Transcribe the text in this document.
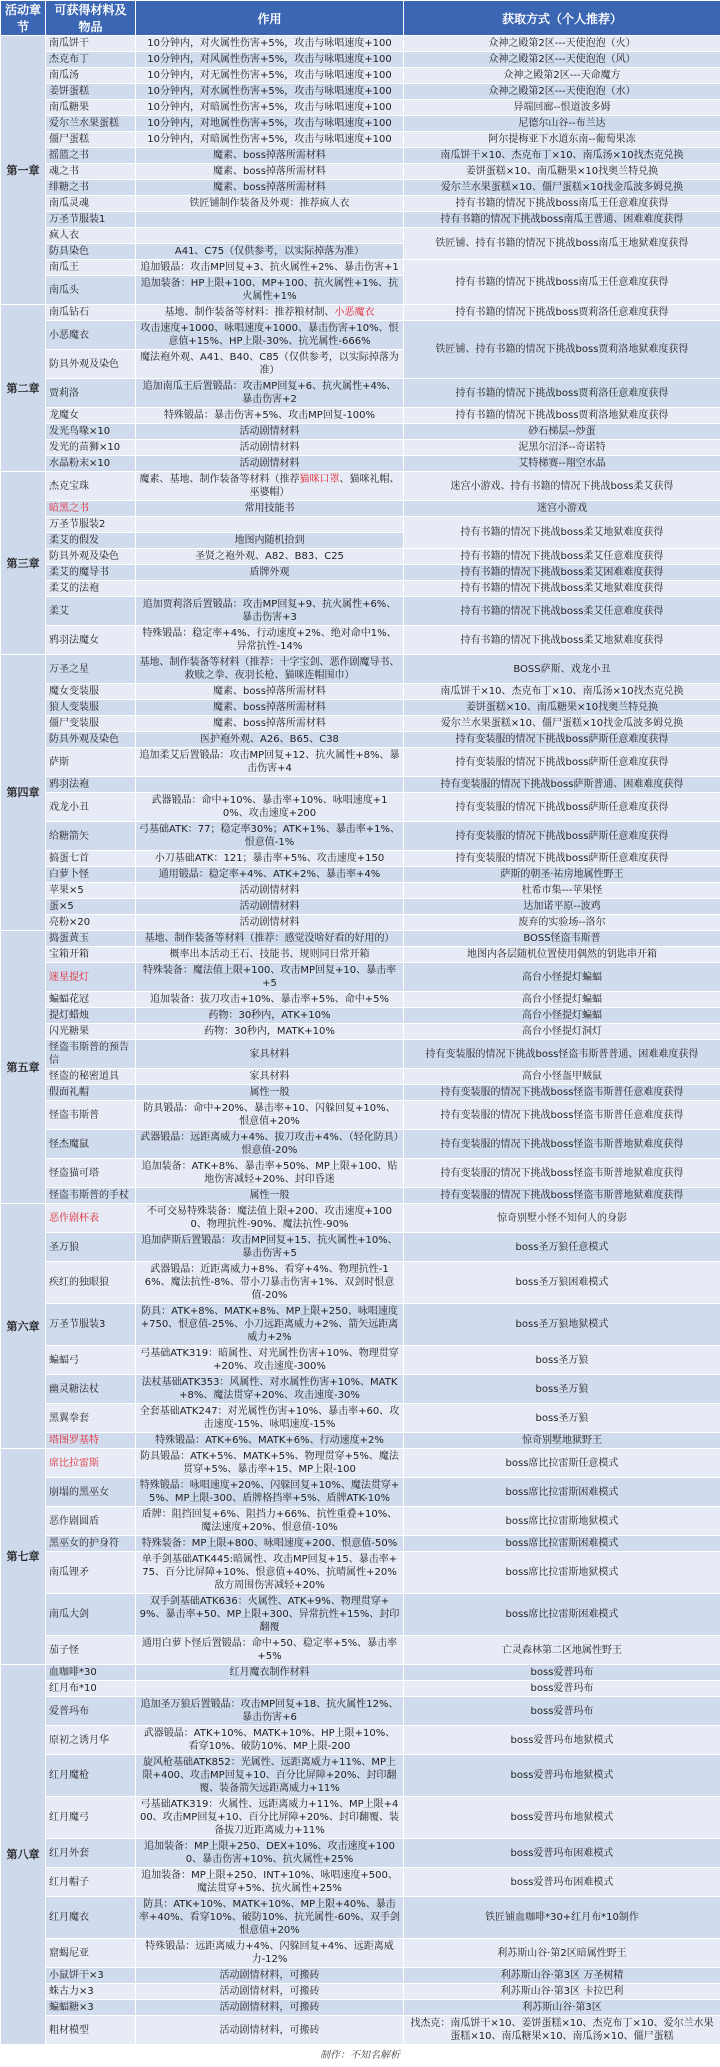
活动章节	可获得材料及物品	作用	获取方式（个人推荐）
第一章	南瓜饼干	10分钟内，对火属性伤害+5%，攻击与咏唱速度+100	众神之殿第2区---天使泡泡（火）
	杰克布丁	10分钟内，对风属性伤害+5%，攻击与咏唱速度+100	众神之殿第2区---天使泡泡（风）
	南瓜汤	10分钟内，对无属性伤害+5%，攻击与咏唱速度+100	众神之殿第2区---天命魔方
	姜饼蛋糕	10分钟内，对水属性伤害+5%，攻击与咏唱速度+100	众神之殿第2区---天使泡泡（水）
	南瓜糖果	10分钟内，对暗属性伤害+5%，攻击与咏唱速度+100	异端回廊--恨道波多姆
	爱尔兰水果蛋糕	10分钟内，对地属性伤害+5%，攻击与咏唱速度+100	尼德尔山谷--布兰达
	僵尸蛋糕	10分钟内，对暗属性伤害+5%，攻击与咏唱速度+100	阿尔提梅亚下水道东南--葡萄果冻
	摇篮之书	魔素、boss掉落所需材料	南瓜饼干×10、杰克布丁×10、南瓜汤×10找杰克兑换
	魂之书	魔素、boss掉落所需材料	姜饼蛋糕×10、南瓜糖果×10找奥兰特兑换
	绯糖之书	魔素、boss掉落所需材料	爱尔兰水果蛋糕×10、僵尸蛋糕×10找金瓜波多姆兑换
	南瓜灵魂	铁匠铺制作装备及外观：推荐疯人衣	持有书籍的情况下挑战boss南瓜王任意难度获得
	万圣节服装1		持有书籍的情况下挑战boss南瓜王普通、困难难度获得
	疯人衣		铁匠铺、持有书籍的情况下挑战boss南瓜王地狱难度获得
	防具染色	A41、C75（仅供参考，以实际掉落为准）	
	南瓜王	追加锻晶：攻击MP回复+3、抗火属性+2%、暴击伤害+1	持有书籍的情况下挑战boss南瓜王任意难度获得
	南瓜头	追加装备：HP上限+100、MP+100、抗火属性+1%、抗火属性+1%	
第二章	南瓜钻石	基地、制作装备等材料：推荐粮材制、小恶魔衣	持有书籍的情况下挑战boss贾莉洛任意难度获得
	小恶魔衣	攻击速度+1000、咏唱速度+1000、暴击伤害+10%、恨意值+15%、HP上限-30%、抗光属性-666%	铁匠铺、持有书籍的情况下挑战boss贾莉洛地狱难度获得
	防具外观及染色	魔法袍外观、A41、B40、C85（仅供参考，以实际掉落为准）	
	贾莉洛	追加南瓜王后置锻晶：攻击MP回复+6、抗火属性+4%、暴击伤害+2	持有书籍的情况下挑战boss贾莉洛任意难度获得
	龙魔女	特殊锻晶：暴击伤害+5%、攻击MP回复-100%	持有书籍的情况下挑战boss贾莉洛地狱难度获得
	发光鸟喙×10	活动剧情材料	砂石梯层--炒蛋
	发光的苗狮×10	活动剧情材料	泥黑尔沼泽--奇诺特
	水晶粉末×10	活动剧情材料	艾特梯赛--翔空水晶
第三章	杰克宝珠	魔素、基地、制作装备等材料（推荐猫咪口罩、猫咪礼帽、巫婆帽）	迷宫小游戏、持有书籍的情况下挑战boss柔艾获得
	暗黑之书	常用技能书	迷宫小游戏
	万圣节服装2		持有书籍的情况下挑战boss柔艾地狱难度获得
	柔艾的假发	地图内随机拾到	
	防具外观及染色	圣贤之袍外观、A82、B83、C25	持有书籍的情况下挑战boss柔艾任意难度获得
	柔艾的魔导书	盾牌外观	持有书籍的情况下挑战boss柔艾困难难度获得
	柔艾的法袍		持有书籍的情况下挑战boss柔艾地狱难度获得
	柔艾	追加贾莉洛后置锻晶：攻击MP回复+9、抗火属性+6%、暴击伤害+3	持有书籍的情况下挑战boss柔艾任意难度获得
	鸦羽法魔女	特殊锻晶：稳定率+4%、行动速度+2%、绝对命中1%、异常抗性-14%	持有书籍的情况下挑战boss柔艾地狱难度获得
第四章	万圣之星	基地、制作装备等材料（推荐：十字宝剑、恶作剧魔导书、救赎之拳、夜羽长枪、猫咪连帽围巾）	BOSS萨斯、戏龙小丑
	魔女变装服	魔素、boss掉落所需材料	南瓜饼干×10、杰克布丁×10、南瓜汤×10找杰克兑换
	狼人变装服	魔素、boss掉落所需材料	姜饼蛋糕×10、南瓜糖果×10找奥兰特兑换
	僵尸变装服	魔素、boss掉落所需材料	爱尔兰水果蛋糕×10、僵尸蛋糕×10找金瓜波多姆兑换
	防具外观及染色	医护袍外观、A26、B65、C38	持有变装服的情况下挑战boss萨斯任意难度获得
	萨斯	追加柔艾后置锻晶：攻击MP回复+12、抗火属性+8%、暴击伤害+4	持有变装服的情况下挑战boss萨斯任意难度获得
	鸦羽法袍		持有变装服的情况下挑战boss萨斯普通、困难难度获得
	戏龙小丑	武器锻晶：命中+10%、暴击率+10%、咏唱速度+10%、攻击速度+200	持有变装服的情况下挑战boss萨斯任意难度获得
	给糖箭矢	弓基础ATK：77；稳定率30%；ATK+1%、暴击率+1%、恨意值-1%	持有变装服的情况下挑战boss萨斯任意难度获得
	搞蛋七首	小刀基础ATK：121；暴击率+5%、攻击速度+150	持有变装服的情况下挑战boss萨斯任意难度获得
	白萝卜怪	通用锻晶：稳定率+4%、ATK+2%、暴击率+4%	萨斯的朝圣·祐房地属性野王
	苹果×5	活动剧情材料	杜希市集---苹果怪
	蛋×5	活动剧情材料	达加诺平原--波鸡
	亮粉×20	活动剧情材料	废弃的实验场--洛尔
第五章	捣蛋黄玉	基地、制作装备等材料（推荐：感觉没啥好看的好用的）	BOSS怪盗韦斯普
	宝箱开箱	概率出本活动王石、技能书、规则同日常开箱	地图内各层随机位置使用偶然的钥匙串开箱
	迷星提灯	特殊装备：魔法值上限+100、攻击MP回复+10、暴击率+5	高台小怪提灯蝙蝠
	蝙蝠花冠	追加装备：拔刀攻击+10%、暴击率+5%、命中+5%	高台小怪提灯蝙蝠
	提灯蜡烛	药物：30秒内，ATK+10%	高台小怪提灯蝙蝠
	闪光糖果	药物：30秒内，MATK+10%	高台小怪提灯洞灯
	怪盗韦斯普的预告信	家具材料	持有变装服的情况下挑战boss怪盗韦斯普普通、困难难度获得
	怪盗的秘密道具	家具材料	高台小怪盔甲贼鼠
	假面礼帽	属性一般	持有变装服的情况下挑战boss怪盗韦斯普任意难度获得
	怪盗韦斯普	防具锻晶：命中+20%、暴击率+10、闪躲回复+10%、恨意值+20%	持有变装服的情况下挑战boss怪盗韦斯普任意难度获得
	怪杰魔鼠	武器锻晶：远距离威力+4%、拔刀攻击+4%、（轻化防具）恨意值-20%	持有变装服的情况下挑战boss怪盗韦斯普地狱难度获得
	怪盗猫可塔	追加装备：ATK+8%、暴击率+50%、MP上限+100、贴地伤害减轻+20%、封印昏迷	持有变装服的情况下挑战boss怪盗韦斯普地狱难度获得
	怪盗韦斯普的手杖	属性一般	持有变装服的情况下挑战boss怪盗韦斯普地狱难度获得
第六章	恶作剧杯表	不可交易特殊装备：魔法值上限+200、攻击速度+1000、物理抗性-90%、魔法抗性-90%	惊奇别墅小怪不知何人的身影
	圣万狼	追加萨斯后置锻晶：攻击MP回复+15、抗火属性+10%、暴击伤害+5	boss圣万狼任意模式
	疾红的独眼狼	武器锻晶：近距离威力+8%、看穿+4%、物理抗性-16%、魔法抗性-8%、带小刀暴击伤害+1%、双剑时恨意值-20%	boss圣万狼困难模式
	万圣节服装3	防具：ATK+8%、MATK+8%、MP上限+250、咏唱速度+750、恨意值-25%、小刀远距离威力+2%、箭矢远距离威力+2%	boss圣万狼地狱模式
	蝙蝠弓	弓基础ATK319：暗属性、对光属性伤害+10%、物理贯穿+20%、攻击速度-300%	boss圣万狼
	幽灵糖法杖	法杖基础ATK353：风属性、对水属性伤害+10%、MATK+8%、魔法贯穿+20%、攻击速度-30%	boss圣万狼
	黑翼拳套	全套基础ATK247：对光属性伤害+10%、暴击率+60、攻击速度-15%、咏唱速度-15%	boss圣万狼
	塔图罗基特	特殊锻晶：ATK+6%、MATK+6%、行动速度+2%	惊奇别墅地狱野王
第七章	席比拉雷斯	防具锻晶：ATK+5%、MATK+5%、物理贯穿+5%、魔法贯穿+5%、暴击率+15、MP上限-100	boss席比拉雷斯任意模式
	崩塌的黑巫女	特殊锻晶：咏唱速度+20%、闪躲回复+10%、魔法贯穿+5%、MP上限-300、盾牌格挡率+5%、盾牌ATK-10%	boss席比拉雷斯困难模式
	恶作剧圆盾	盾牌：阻挡回复+6%、阻挡力+66%、抗性重叠+10%、魔法速度+20%、恨意值-10%	boss席比拉雷斯地狱模式
	黑巫女的护身符	特殊装备：MP上限+800、咏唱速度+200、恨意值-50%	boss席比拉雷斯困难模式
	南瓜锂矛	单手剑基础ATK445:暗属性、攻击MP回复+15、暴击率+75、百分比屏障+10%、恨意值+40%、抗晴属性+20%敌方周围伤害减轻+20%	boss席比拉雷斯地狱模式
	南瓜大剑	双手剑基础ATK636：火属性、ATK+9%、物理贯穿+9%、暴击率+50、MP上限+300、异常抗性+15%、封印翻覆	boss席比拉雷斯困难模式
	茄子怪	通用白萝卜怪后置锻晶：命中+50、稳定率+5%、暴击率+5%	亡灵森林第二区地属性野王
第八章	血咖啡*30	红月魔衣制作材料	boss爱普玛布
	红月布*10		boss爱普玛布
	爱普玛布	追加圣万狼后置锻晶：攻击MP回复+18、抗火属性12%、暴击伤害+6	boss爱普玛布
	原初之诱月华	武器锻晶：ATK+10%、MATK+10%、HP上限+10%、看穿10%、破防10%、MP上限-200	boss爱普玛布地狱模式
	红月魔枪	旋风枪基础ATK852：光属性、远距离威力+11%、MP上限+400、攻击MP回复+10、百分比屏障+20%、封印翻覆、装备箭矢远距离威力+11%	boss爱普玛布地狱模式
	红月魔弓	弓基础ATK319：火属性、远距离威力+11%、MP上限+400、攻击MP回复+10、百分比屏障+20%、封印翻覆、装备拔刀近距离威力+11%	boss爱普玛布地狱模式
	红月外套	追加装备：MP上限+250、DEX+10%、攻击速度+1000、暴击伤害+10%、抗火属性+25%	boss爱普玛布困难模式
	红月帽子	追加装备：MP上限+250、INT+10%、咏唱速度+500、魔法贯穿+5%、抗火属性+25%	boss爱普玛布困难模式
	红月魔衣	防具：ATK+10%、MATK+10%、MP上限+40%、暴击率+40%、看穿10%、破防10%、抗光属性-60%、双手剑恨意值+20%	铁匠铺血咖啡*30+红月布*10制作
	窟蝎尼亚	特殊锻晶：远距离威力+4%、闪躲回复+4%、远距离威力-12%	利苏斯山谷·第2区暗属性野王
	小鼠饼干×3	活动剧情材料，可搬砖	利苏斯山谷·第3区 万圣树精
	蛛古力×3	活动剧情材料，可搬砖	利苏斯山谷·第3区 卡拉巴利
	蝙蝠糖×3	活动剧情材料，可搬砖	利苏斯山谷·第3区
	粗材模型	活动剧情材料，可搬砖	找杰克：南瓜饼干×10、姜饼蛋糕×10、杰克布丁×10、爱尔兰水果蛋糕×10、南瓜糖果×10、南瓜汤×10、僵尸蛋糕
制作：不知名解析
